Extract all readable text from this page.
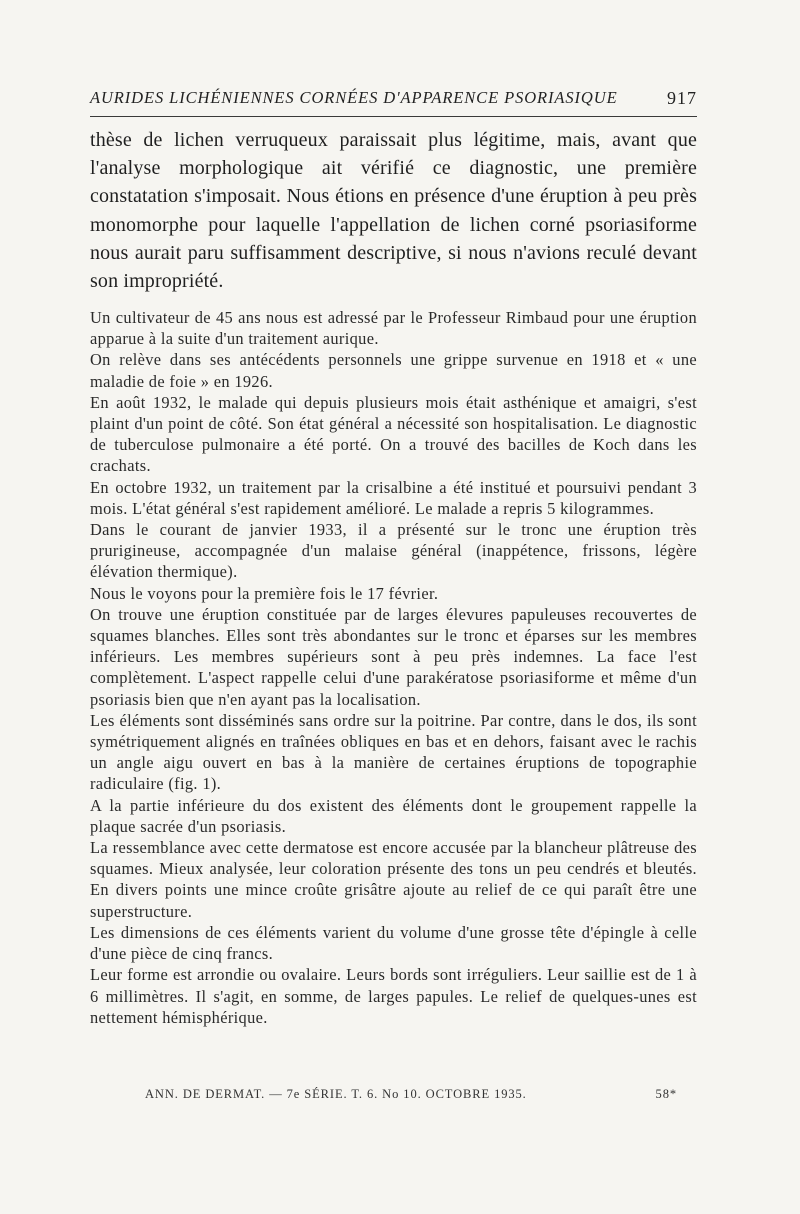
AURIDES LICHÉNIENNES CORNÉES D'APPARENCE PSORIASIQUE	917

thèse de lichen verruqueux paraissait plus légitime, mais, avant que l'analyse morphologique ait vérifié ce diagnostic, une première constatation s'imposait. Nous étions en présence d'une éruption à peu près monomorphe pour laquelle l'appellation de lichen corné psoriasiforme nous aurait paru suffisamment descriptive, si nous n'avions reculé devant son impropriété.

Un cultivateur de 45 ans nous est adressé par le Professeur Rimbaud pour une éruption apparue à la suite d'un traitement aurique.

On relève dans ses antécédents personnels une grippe survenue en 1918 et « une maladie de foie » en 1926.

En août 1932, le malade qui depuis plusieurs mois était asthénique et amaigri, s'est plaint d'un point de côté. Son état général a nécessité son hospitalisation. Le diagnostic de tuberculose pulmonaire a été porté. On a trouvé des bacilles de Koch dans les crachats.

En octobre 1932, un traitement par la crisalbine a été institué et poursuivi pendant 3 mois. L'état général s'est rapidement amélioré. Le malade a repris 5 kilogrammes.

Dans le courant de janvier 1933, il a présenté sur le tronc une éruption très prurigineuse, accompagnée d'un malaise général (inappétence, frissons, légère élévation thermique).

Nous le voyons pour la première fois le 17 février.

On trouve une éruption constituée par de larges élevures papuleuses recouvertes de squames blanches. Elles sont très abondantes sur le tronc et éparses sur les membres inférieurs. Les membres supérieurs sont à peu près indemnes. La face l'est complètement. L'aspect rappelle celui d'une parakératose psoriasiforme et même d'un psoriasis bien que n'en ayant pas la localisation.

Les éléments sont disséminés sans ordre sur la poitrine. Par contre, dans le dos, ils sont symétriquement alignés en traînées obliques en bas et en dehors, faisant avec le rachis un angle aigu ouvert en bas à la manière de certaines éruptions de topographie radiculaire (fig. 1).

A la partie inférieure du dos existent des éléments dont le groupement rappelle la plaque sacrée d'un psoriasis.

La ressemblance avec cette dermatose est encore accusée par la blancheur plâtreuse des squames. Mieux analysée, leur coloration présente des tons un peu cendrés et bleutés. En divers points une mince croûte grisâtre ajoute au relief de ce qui paraît être une superstructure.

Les dimensions de ces éléments varient du volume d'une grosse tête d'épingle à celle d'une pièce de cinq francs.

Leur forme est arrondie ou ovalaire. Leurs bords sont irréguliers. Leur saillie est de 1 à 6 millimètres. Il s'agit, en somme, de larges papules. Le relief de quelques-unes est nettement hémisphérique.

ANN. DE DERMAT. — 7e SÉRIE. T. 6. No 10. OCTOBRE 1935.	58*
